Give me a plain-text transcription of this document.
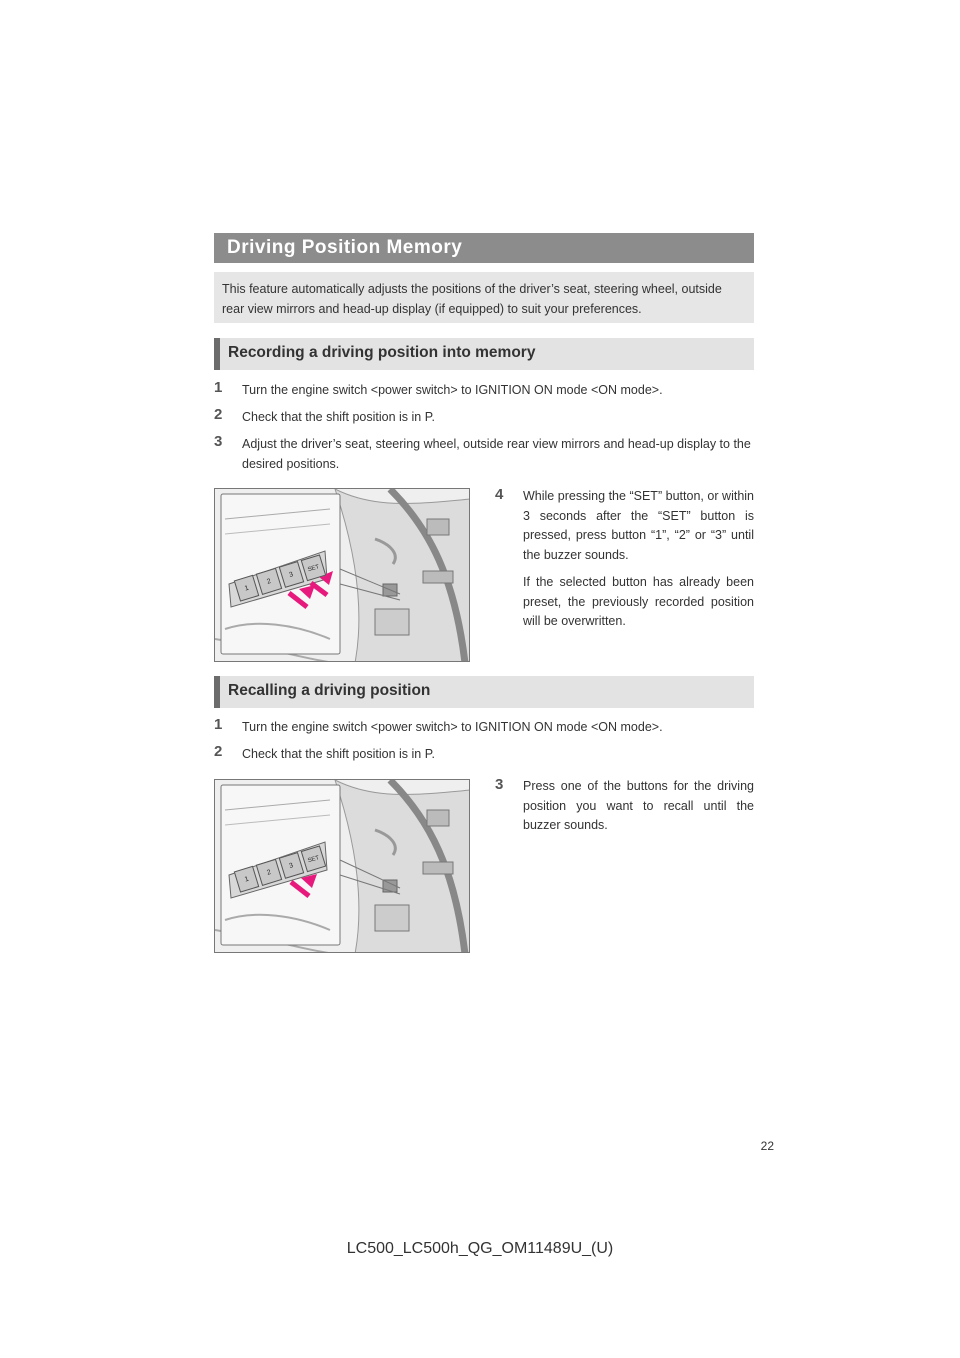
Driving Position Memory
This feature automatically adjusts the positions of the driver’s seat, steering wheel, outside rear view mirrors and head-up display (if equipped) to suit your preferences.
Recording a driving position into memory
1 Turn the engine switch <power switch> to IGNITION ON mode <ON mode>.
2 Check that the shift position is in P.
3 Adjust the driver’s seat, steering wheel, outside rear view mirrors and head-up display to the desired positions.
1
2
3
SET
4 While pressing the “SET” button, or within 3 seconds after the “SET” button is pressed, press button “1”, “2” or “3” until the buzzer sounds.

If the selected button has already been preset, the previously recorded position will be overwritten.

Recalling a driving position
1 Turn the engine switch <power switch> to IGNITION ON mode <ON mode>.
2 Check that the shift position is in P.
1
2
3
SET
3 Press one of the buttons for the driving position you want to recall until the buzzer sounds.

22
LC500_LC500h_QG_OM11489U_(U)
